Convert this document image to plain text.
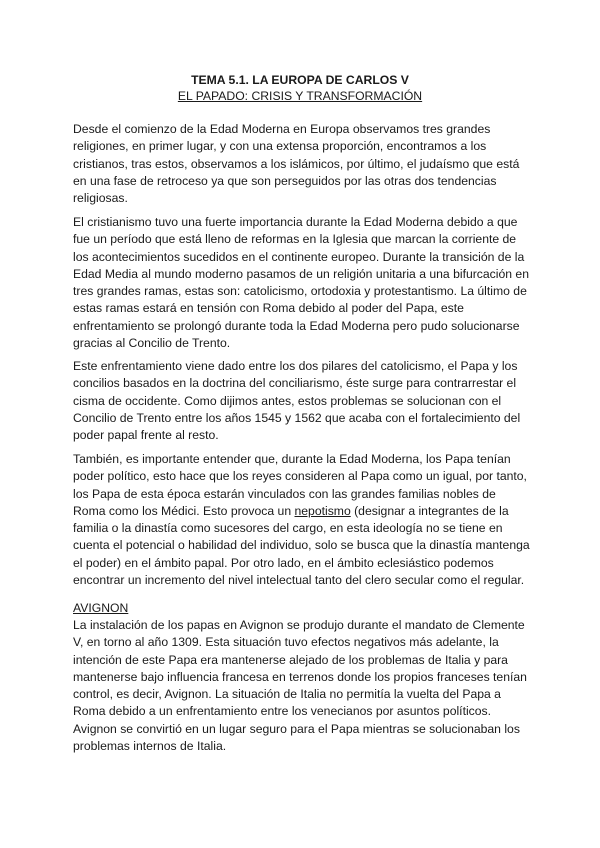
TEMA 5.1. LA EUROPA DE CARLOS V
EL PAPADO: CRISIS Y TRANSFORMACIÓN
Desde el comienzo de la Edad Moderna en Europa observamos tres grandes
religiones, en primer lugar, y con una extensa proporción, encontramos a los
cristianos, tras estos, observamos a los islámicos, por último, el judaísmo que está
en una fase de retroceso ya que son perseguidos por las otras dos tendencias
religiosas.
El cristianismo tuvo una fuerte importancia durante la Edad Moderna debido a que
fue un período que está lleno de reformas en la Iglesia que marcan la corriente de
los acontecimientos sucedidos en el continente europeo. Durante la transición de la
Edad Media al mundo moderno pasamos de un religión unitaria a una bifurcación en
tres grandes ramas, estas son: catolicismo, ortodoxia y protestantismo. La último de
estas ramas estará en tensión con Roma debido al poder del Papa, este
enfrentamiento se prolongó durante toda la Edad Moderna pero pudo solucionarse
gracias al Concilio de Trento.
Este enfrentamiento viene dado entre los dos pilares del catolicismo, el Papa y los
concilios basados en la doctrina del conciliarismo, éste surge para contrarrestar el
cisma de occidente. Como dijimos antes, estos problemas se solucionan con el
Concilio de Trento entre los años 1545 y 1562 que acaba con el fortalecimiento del
poder papal frente al resto.
También, es importante entender que, durante la Edad Moderna, los Papa tenían
poder político, esto hace que los reyes consideren al Papa como un igual, por tanto,
los Papa de esta época estarán vinculados con las grandes familias nobles de
Roma como los Médici. Esto provoca un nepotismo (designar a integrantes de la
familia o la dinastía como sucesores del cargo, en esta ideología no se tiene en
cuenta el potencial o habilidad del individuo, solo se busca que la dinastía mantenga
el poder) en el ámbito papal. Por otro lado, en el ámbito eclesiástico podemos
encontrar un incremento del nivel intelectual tanto del clero secular como el regular.
AVIGNON
La instalación de los papas en Avignon se produjo durante el mandato de Clemente
V, en torno al año 1309. Esta situación tuvo efectos negativos más adelante, la
intención de este Papa era mantenerse alejado de los problemas de Italia y para
mantenerse bajo influencia francesa en terrenos donde los propios franceses tenían
control, es decir, Avignon. La situación de Italia no permitía la vuelta del Papa a
Roma debido a un enfrentamiento entre los venecianos por asuntos políticos.
Avignon se convirtió en un lugar seguro para el Papa mientras se solucionaban los
problemas internos de Italia.
